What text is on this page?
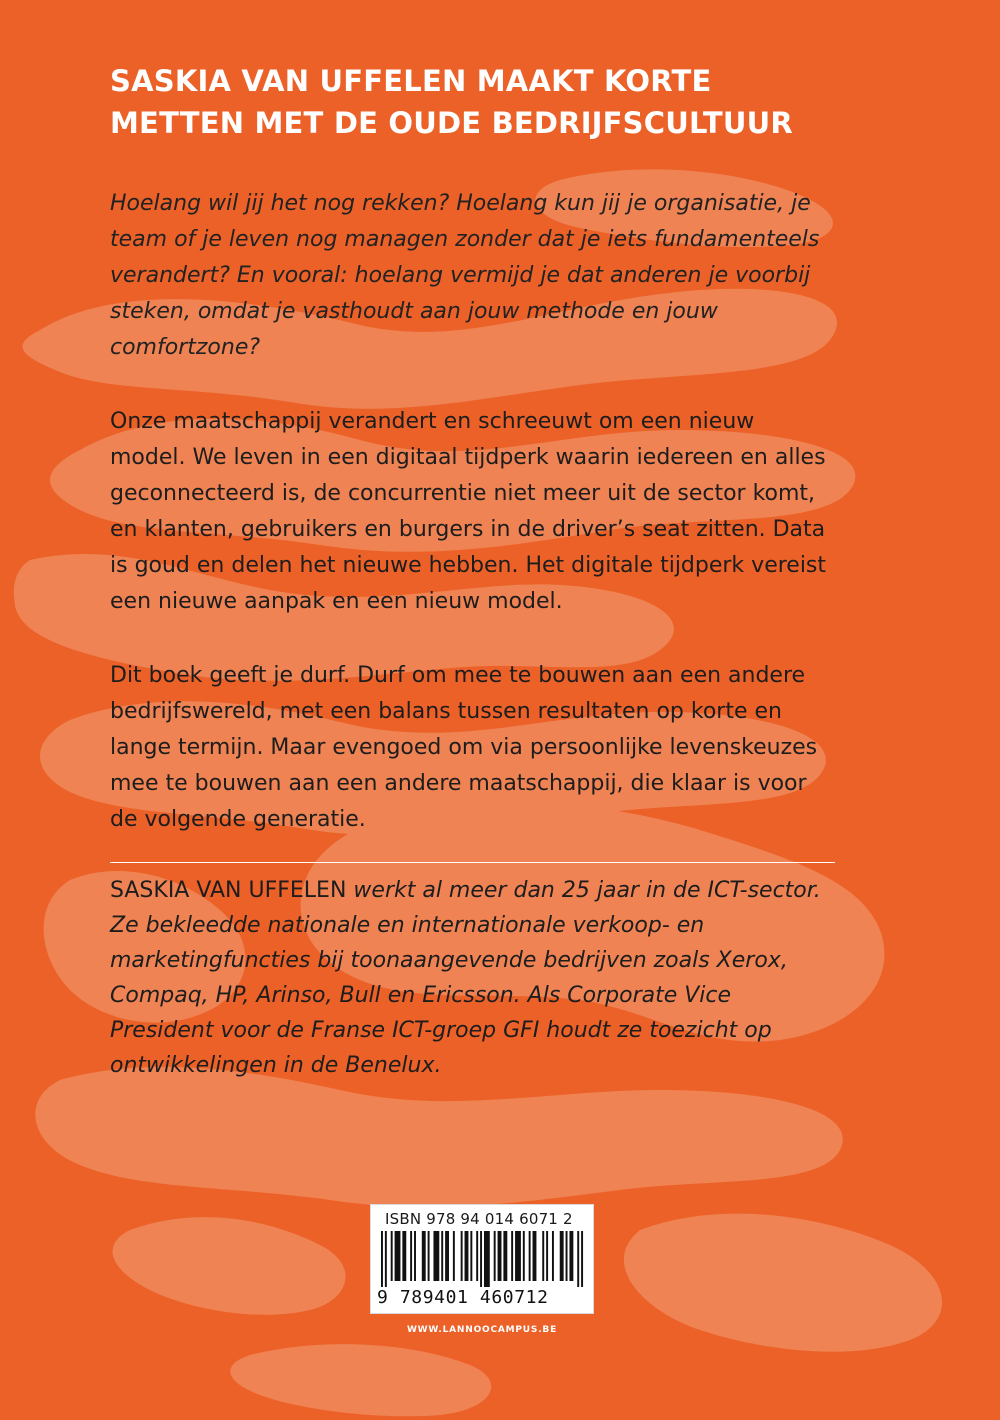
SASKIA VAN UFFELEN MAAKT KORTE
METTEN MET DE OUDE BEDRIJFSCULTUUR

Hoelang wil jij het nog rekken? Hoelang kun jij je organisatie, je team of je leven nog managen zonder dat je iets fundamenteels verandert? En vooral: hoelang vermijd je dat anderen je voorbij steken, omdat je vasthoudt aan jouw methode en jouw comfortzone?

Onze maatschappij verandert en schreeuwt om een nieuw model. We leven in een digitaal tijdperk waarin iedereen en alles geconnecteerd is, de concurrentie niet meer uit de sector komt, en klanten, gebruikers en burgers in de driver’s seat zitten. Data is goud en delen het nieuwe hebben. Het digitale tijdperk vereist een nieuwe aanpak en een nieuw model.

Dit boek geeft je durf. Durf om mee te bouwen aan een andere bedrijfswereld, met een balans tussen resultaten op korte en lange termijn. Maar evengoed om via persoonlijke levenskeuzes mee te bouwen aan een andere maatschappij, die klaar is voor de volgende generatie.

SASKIA VAN UFFELEN werkt al meer dan 25 jaar in de ICT-sector. Ze bekleedde nationale en internationale verkoop- en marketingfuncties bij toonaangevende bedrijven zoals Xerox, Compaq, HP, Arinso, Bull en Ericsson. Als Corporate Vice President voor de Franse ICT-groep GFI houdt ze toezicht op ontwikkelingen in de Benelux.

ISBN 978 94 014 6071 2
9 789401 460712
WWW.LANNOOCAMPUS.BE
